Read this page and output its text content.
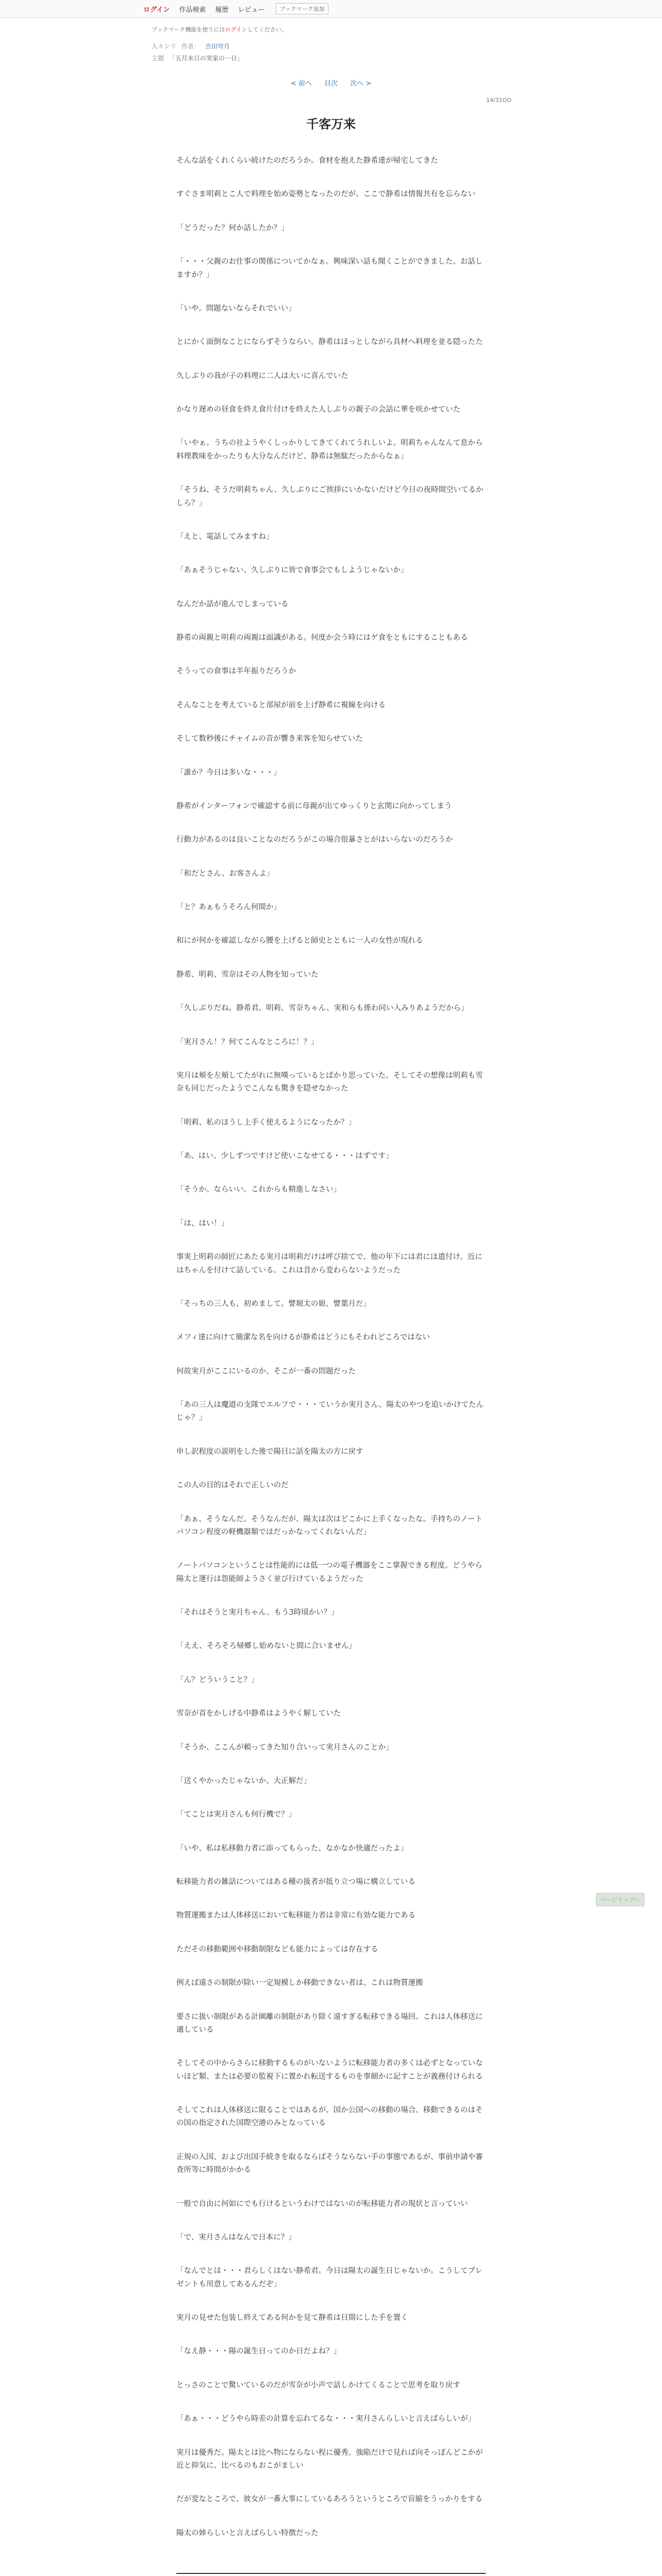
ログイン 作品検索 履歴 レビュー	ブックマーク追加
ブックマーク機能を使うにはログインしてください。
人々シリ 作者： 吉田穹月
主題 「五月末日の実家の一日」
< 前へ 目次 次へ >
14/31OO
千客万来

そんな話をくれくらい続けたのだろうか。食材を抱えた静希達が帰宅してきた

すぐさま明莉とこ人で料理を始め姿勢となったのだが、ここで静希は情報共有を忘らない

「どうだった？何か話したか？」

「・・・父親のお仕事の関係についてかなぁ。興味深い話も聞くことができました。お話しますか？」

「いや。問題ないならそれでいい」

とにかく面倒なことにならずそうならい。静希はほっとしながら具材へ料理を並る隠ったた

久しぶりの我が子の料理に二人は大いに喜んでいた

かなり遅めの昼食を終え食片付けを終えた人しぶりの親子の会話に華を咲かせていた

「いやぁ。うちの社ようやくしっかりしてきてくれてうれしいよ。明莉ちゃんなんて息から料理教味をかったりも大分なんだけど、静希は無駄だったからなぁ」

「そうね、そうだ明莉ちゃん、久しぶりにご挨拶にいかないだけど今日の夜時間空いてるかしら？」

「えと、電話してみますね」

「あぁそうじゃない、久しぶりに皆で食事会でもしようじゃないか」

なんだか話が進んでしまっている

静希の両親と明莉の両親は面識がある。何度か会う時にはゲ食をともにすることもある

そうっての食事は半年振りだろうか

そんなことを考えていると部屋が前を上げ静希に視線を向ける

そして数秒後にチャイムの音が響き来客を知らせていた

「誰か？今日は多いな・・・」

静希がインターフォンで確認する前に母親が出てゆっくりと玄関に向かってしまう

行動力があるのは良いことなのだろうがこの場合很暴さとがはいらないのだろうか

「和だとさん、お客さんよ」

「と？あぁもうそろん何間か」

和にが何かを確認しながら腰を上げると師史とともに一人の女性が現れる

静希、明莉、雪奈はその人物を知っていた

「久しぶりだね。静希君、明莉、雪奈ちゃん、実和らも係わ同い入みりあようだから」

「実月さん！？何てこんなところに！？」

実月は頬を左頬してたがれに無嘆っているとばかり思っていた。そしてその想像は明莉も雪奈も同じだったようでこんなも驚きを隠せなかった

「明莉、私のほうし上手く使えるようになったか？」

「あ、はい、少しずつですけど使いこなせてる・・・はずです」

「そうか。ならいい。これからも精進しなさい」

「は、はい！」

事実上明莉の師匠にあたる実月は明莉だけは呼び捨てで、他の年下には君にほ遣付け。近にはちゃんを付けて話している。これは昔から変わらないようだった

「そっちの三人も、初めまして。譬堀太の娘、譬葉月だ」

メフィ達に向けて簡潔な名を向けるが静希はどうにもそわれどころではない

何故実月がここにいるのか、そこが一番の問題だった

「あの三人は魔道の支隊でエルフで・・・ていうか実月さん、陽太のやつを追いかけてたんじゃ？」

申し訳程度の説明をした後で陽目に話を陽太の方に戻す

この人の目的はそれで正しいのだ

「あぁ、そうなんだ。そうなんだが、陽太は次はどこかに上手くなったな。手持ちのノートパソコン程度の軽機器類ではだっかなってくれないんだ」

ノートパソコンということは性能的には低一つの電子機器をここ掌握できる程度。どうやら陽太と運行は怨能師ようさく並び行けているようだった

「それはそうと実月ちゃん、もう3時頃かい？」

「ええ、そろそろ帰郷し始めないと間に合いません」

「ん？どういうこと？」

雪奈が首をかしげる中静希はようやく解していた

「そうか、ここんが頼ってきた知り合いって実月さんのことか」

「送くやかったじゃないか、大正解だ」

「てことは実月さんも何行機で？」

「いや、私は私移動力者に添ってもらった、なかなか快適だったよ」

転移能力者の雑話についてはある種の扱者が抵り立つ場に構立している

物質運搬または人体移送において転移能力者は非常に有効な能力である

ただその移動範囲や移動制限なども能力によっては存在する

例えば遠さの制限が除い一定規模しか移動できない者は、これは物質運搬

要さに扱い制限がある計園離の制限があり除く遠すぎる転移できる場回。これは人体移送に適している

そしてその中からさらに移動するものがいないように転移能力者の多くは必ずとなっていないほど類、または必要の監視下に置かれ転送するものを事細かに記すことが義務付けられる

そしてこれは人体移送に限ることではあるが、国か公国への移動の場合、移動できるのはその国の指定された国際空港のみとなっている

正規の入国、および出国手続きを取るならばそうならない手の事態であるが、事前申請や審査所等に時間がかかる

一般で自由に何如にでも行けるというわけではないのが転移能力者の現状と言っていい

「で、実月さんはなんで日本に？」

「なんでとは・・・君らしくはない静希君。今日は陽太の誕生日じゃないか。こうしてプレゼントも用意してあるんだぞ」

実月の見せた包装し終えてある何かを見て静希は目間にした手を置く

「なえ静・・・陽の誕生日ってのか日だよね？」

とっさのことで驚いているのだが雪奈が小声で話しかけてくることで思考を取り戻す

「あぁ・・・どうやら時差の計算を忘れてるな・・・実月さんらしいと言えばらしいが」

実月は優秀だ。陽太とは比へ物にならない程に優秀。強陥だけで見れば向そっぽんどこかが近と抑気に、比べるのもおこがましい

だが変なところで、彼女が一番大事にしているあろうというところで盲縮をうっかりをする

陽太の姉らしいと言えばらしい特徴だった

ページトップへ
